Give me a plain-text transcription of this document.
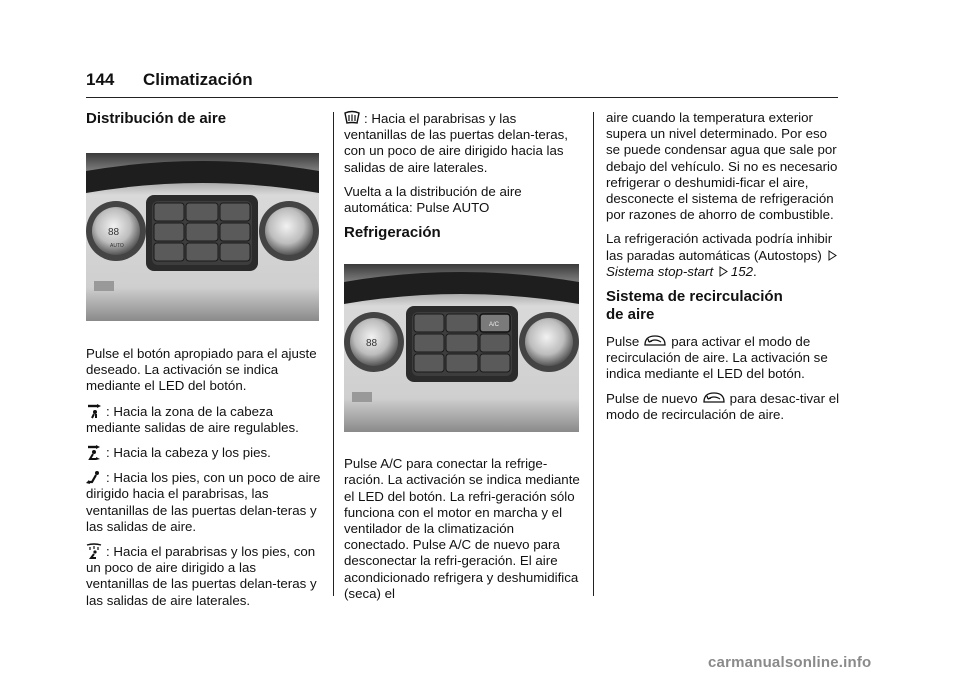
144 Climatización
Distribución de aire
88
AUTO

Pulse el botón apropiado para el ajuste deseado. La activación se indica mediante el LED del botón.

: Hacia la zona de la cabeza mediante salidas de aire regulables.

: Hacia la cabeza y los pies.

: Hacia los pies, con un poco de aire dirigido hacia el parabrisas, las ventanillas de las puertas delan-teras y las salidas de aire.

: Hacia el parabrisas y los pies, con un poco de aire dirigido a las ventanillas de las puertas delan-teras y las salidas de aire laterales.

: Hacia el parabrisas y las ventanillas de las puertas delan-teras, con un poco de aire dirigido hacia las salidas de aire laterales.

Vuelta a la distribución de aire automática: Pulse AUTO

Refrigeración
A/C
88

Pulse A/C para conectar la refrige-ración. La activación se indica mediante el LED del botón. La refri-geración sólo funciona con el motor en marcha y el ventilador de la climatización conectado. Pulse A/C de nuevo para desconectar la refri-geración. El aire acondicionado refrigera y deshumidifica (seca) el

aire cuando la temperatura exterior supera un nivel determinado. Por eso se puede condensar agua que sale por debajo del vehículo. Si no es necesario refrigerar o deshumidi-ficar el aire, desconecte el sistema de refrigeración por razones de ahorro de combustible.

La refrigeración activada podría inhibir las paradas automáticas (Autostops) Sistema stop-start 152.

Sistema de recirculación
de aire

Pulse para activar el modo de recirculación de aire. La activación se indica mediante el LED del botón.

Pulse de nuevo para desac-tivar el modo de recirculación de aire.

carmanualsonline.info
